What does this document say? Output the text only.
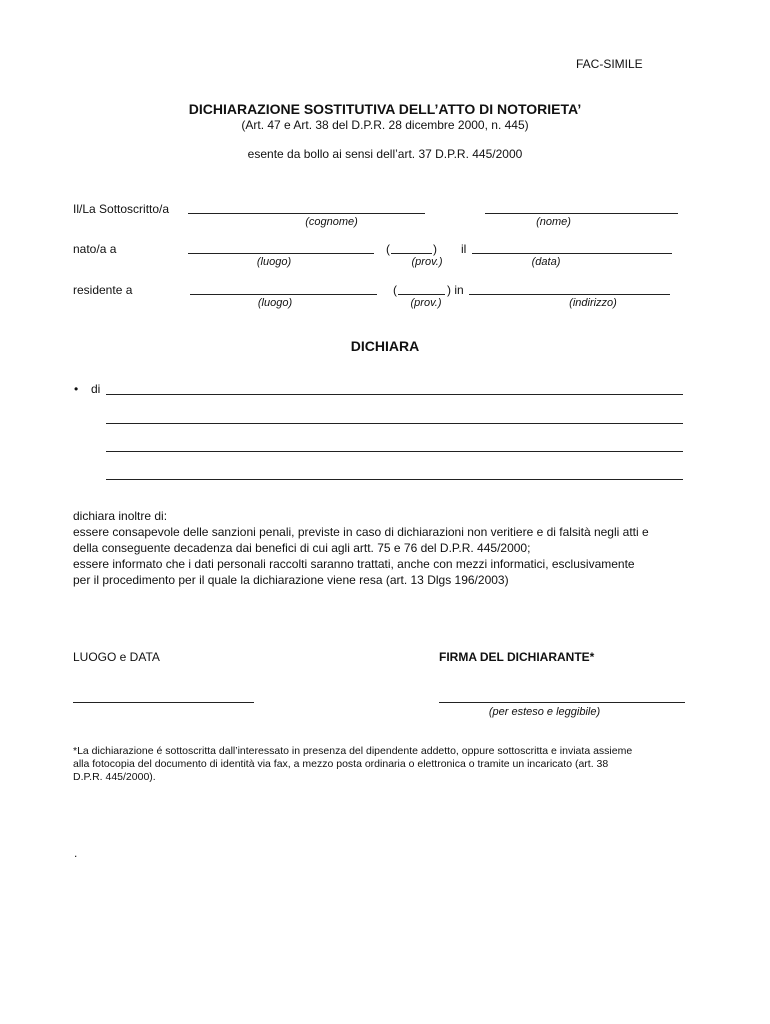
FAC-SIMILE
DICHIARAZIONE SOSTITUTIVA DELL’ATTO DI NOTORIETA’
(Art. 47 e Art. 38 del D.P.R. 28 dicembre 2000, n. 445)
esente da bollo ai sensi dell’art. 37 D.P.R. 445/2000
Il/La Sottoscritto/a
(cognome)	(nome)
nato/a a	(	) il
(luogo)	(prov.)	(data)
residente a	(	) in
(luogo)	(prov.)	(indirizzo)
DICHIARA
• di
dichiara inoltre di:
essere consapevole delle sanzioni penali, previste in caso di dichiarazioni non veritiere e di falsità negli atti e
della conseguente decadenza dai benefici di cui agli artt. 75 e 76 del D.P.R. 445/2000;
essere informato che i dati personali raccolti saranno trattati, anche con mezzi informatici, esclusivamente
per il procedimento per il quale la dichiarazione viene resa (art. 13 Dlgs 196/2003)
LUOGO e DATA	FIRMA DEL DICHIARANTE*
(per esteso e leggibile)
*La dichiarazione é sottoscritta dall’interessato in presenza del dipendente addetto, oppure sottoscritta e inviata assieme
alla fotocopia del documento di identità via fax, a mezzo posta ordinaria o elettronica o tramite un incaricato (art. 38
D.P.R. 445/2000).
.
